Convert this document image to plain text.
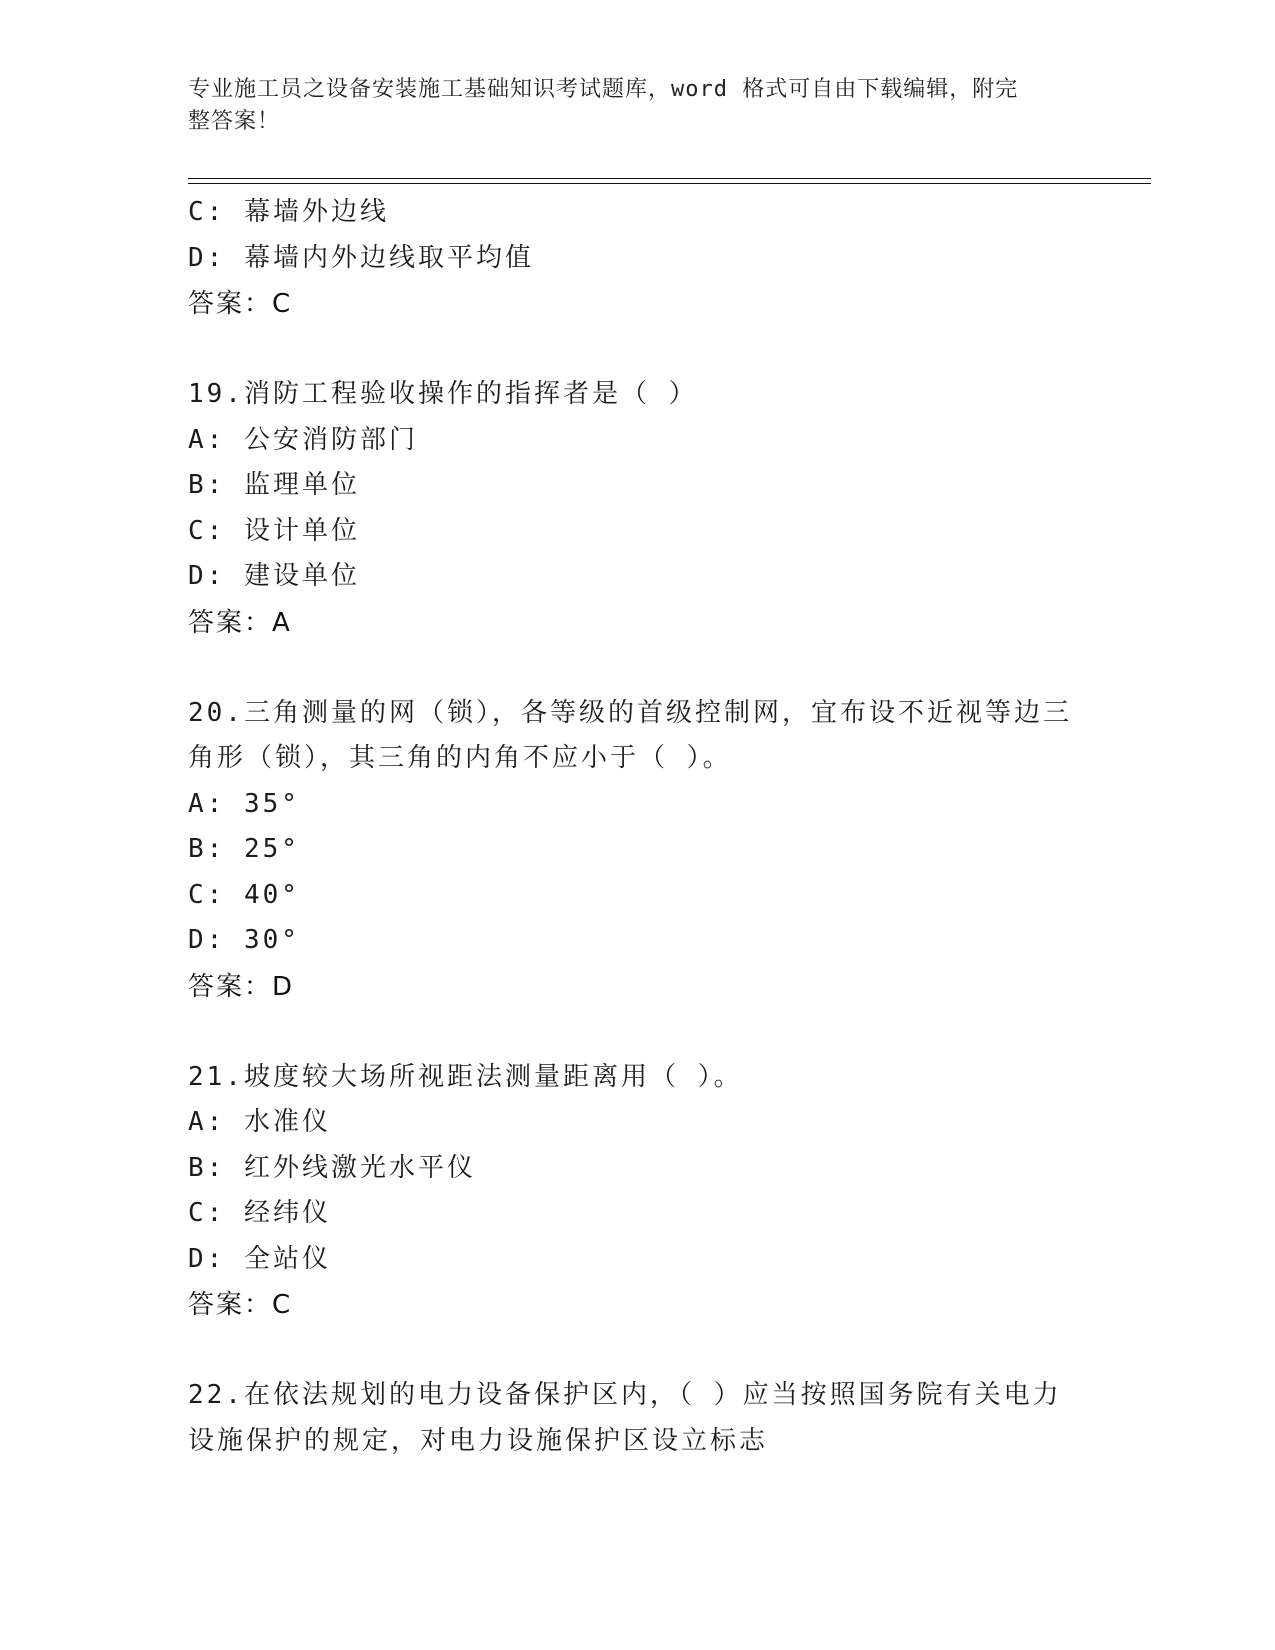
专业施工员之设备安装施工基础知识考试题库，word 格式可自由下载编辑，附完
整答案！
C: 幕墙外边线
D: 幕墙内外边线取平均值
答案：C
19.消防工程验收操作的指挥者是（ ）
A: 公安消防部门
B: 监理单位
C: 设计单位
D: 建设单位
答案：A
20.三角测量的网（锁），各等级的首级控制网，宜布设不近视等边三
角形（锁），其三角的内角不应小于（ ）。
A: 35°
B: 25°
C: 40°
D: 30°
答案：D
21.坡度较大场所视距法测量距离用（ ）。
A: 水准仪
B: 红外线激光水平仪
C: 经纬仪
D: 全站仪
答案：C
22.在依法规划的电力设备保护区内，（ ）应当按照国务院有关电力
设施保护的规定，对电力设施保护区设立标志
